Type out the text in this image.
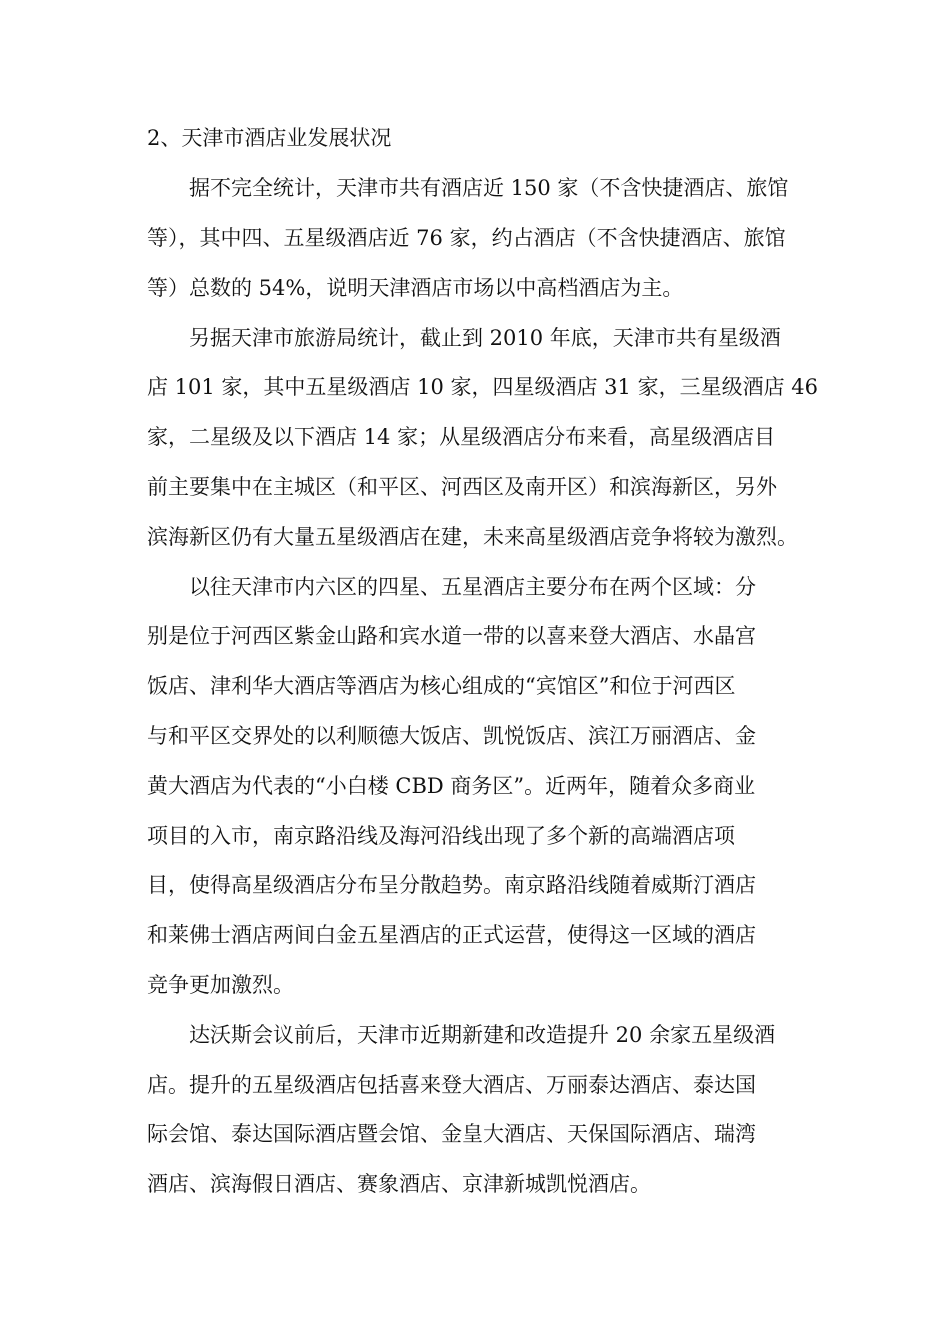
2、天津市酒店业发展状况
据不完全统计，天津市共有酒店近 150 家（不含快捷酒店、旅馆
等），其中四、五星级酒店近 76 家，约占酒店（不含快捷酒店、旅馆
等）总数的 54%，说明天津酒店市场以中高档酒店为主。
另据天津市旅游局统计，截止到 2010 年底，天津市共有星级酒
店 101 家，其中五星级酒店 10 家，四星级酒店 31 家，三星级酒店 46
家，二星级及以下酒店 14 家；从星级酒店分布来看，高星级酒店目
前主要集中在主城区（和平区、河西区及南开区）和滨海新区，另外
滨海新区仍有大量五星级酒店在建，未来高星级酒店竞争将较为激烈。
以往天津市内六区的四星、五星酒店主要分布在两个区域：分
别是位于河西区紫金山路和宾水道一带的以喜来登大酒店、水晶宫
饭店、津利华大酒店等酒店为核心组成的“宾馆区”和位于河西区
与和平区交界处的以利顺德大饭店、凯悦饭店、滨江万丽酒店、金
黄大酒店为代表的“小白楼 CBD 商务区”。近两年，随着众多商业
项目的入市，南京路沿线及海河沿线出现了多个新的高端酒店项
目，使得高星级酒店分布呈分散趋势。南京路沿线随着威斯汀酒店
和莱佛士酒店两间白金五星酒店的正式运营，使得这一区域的酒店
竞争更加激烈。
达沃斯会议前后，天津市近期新建和改造提升 20 余家五星级酒
店。提升的五星级酒店包括喜来登大酒店、万丽泰达酒店、泰达国
际会馆、泰达国际酒店暨会馆、金皇大酒店、天保国际酒店、瑞湾
酒店、滨海假日酒店、赛象酒店、京津新城凯悦酒店。
